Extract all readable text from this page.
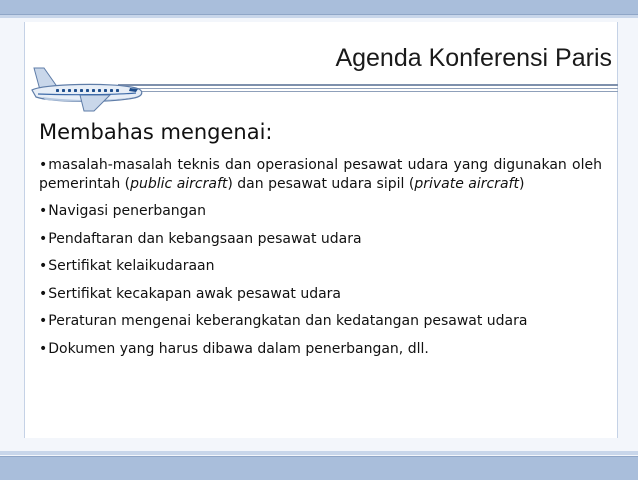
Agenda Konferensi Paris
Membahas mengenai:
•masalah-masalah teknis dan operasional pesawat udara yang digunakan oleh pemerintah (public aircraft) dan pesawat udara sipil (private aircraft)
•Navigasi penerbangan
•Pendaftaran dan kebangsaan pesawat udara
•Sertifikat kelaikudaraan
•Sertifikat kecakapan awak pesawat udara
•Peraturan mengenai keberangkatan dan kedatangan pesawat udara
•Dokumen yang harus dibawa dalam penerbangan, dll.
